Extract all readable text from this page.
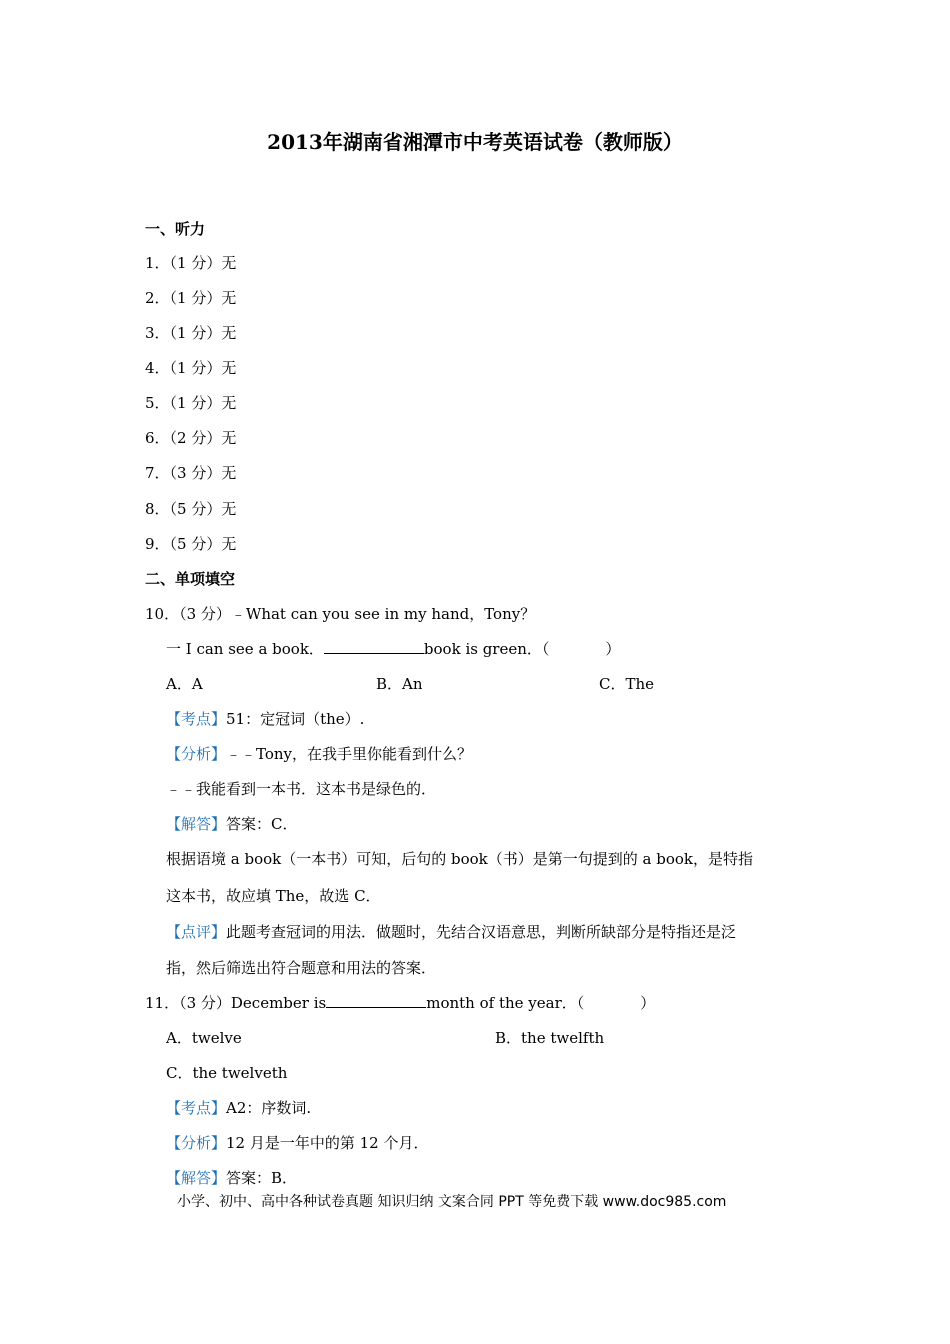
2013年湖南省湘潭市中考英语试卷（教师版）
一、听力
1．（1 分）无
2．（1 分）无
3．（1 分）无
4．（1 分）无
5．（1 分）无
6．（2 分）无
7．（3 分）无
8．（5 分）无
9．（5 分）无
二、单项填空
10．（3 分）﹣What can you see in my hand，Tony？
一 I can see a book．	book is green．（	）
A．A	B．An	C．The
【考点】51：定冠词（the）.
【分析】﹣﹣Tony，在我手里你能看到什么？
﹣﹣我能看到一本书．这本书是绿色的．
【解答】答案：C．
根据语境 a book（一本书）可知，后句的 book（书）是第一句提到的 a book，是特指
这本书，故应填 The，故选 C．
【点评】此题考查冠词的用法．做题时，先结合汉语意思，判断所缺部分是特指还是泛
指，然后筛选出符合题意和用法的答案．
11．（3 分）December is	month of the year．（	）
A．twelve	B．the twelfth
C．the twelveth
【考点】A2：序数词.
【分析】12 月是一年中的第 12 个月．
【解答】答案：B．
小学、初中、高中各种试卷真题 知识归纳 文案合同 PPT 等免费下载 www.doc985.com
